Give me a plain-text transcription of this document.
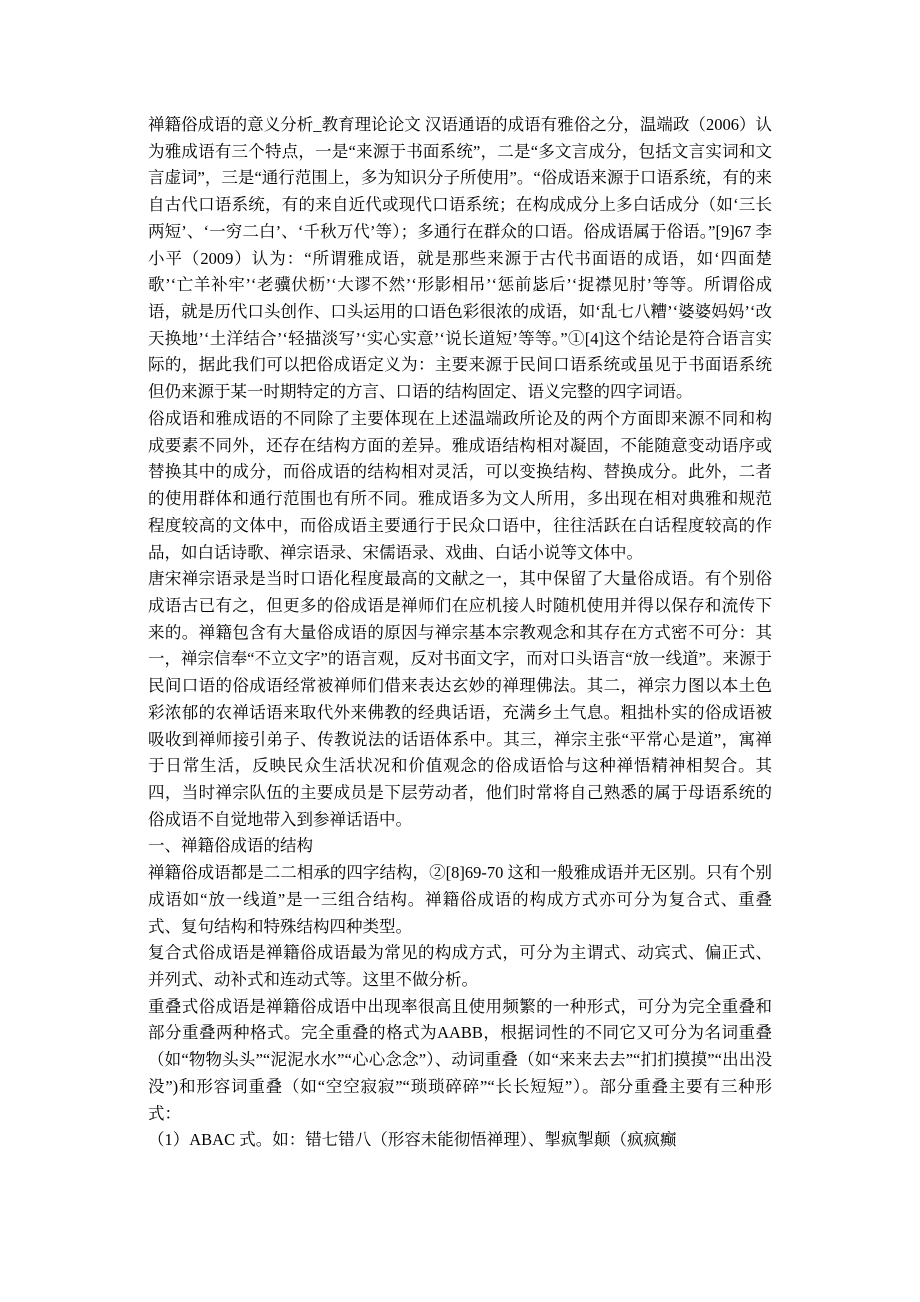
禅籍俗成语的意义分析_教育理论论文 汉语通语的成语有雅俗之分，温端政（2006）认为雅成语有三个特点，一是“来源于书面系统”，二是“多文言成分，包括文言实词和文言虚词”，三是“通行范围上，多为知识分子所使用”。“俗成语来源于口语系统，有的来自古代口语系统，有的来自近代或现代口语系统；在构成成分上多白话成分（如‘三长两短’、‘一穷二白’、‘千秋万代’等）；多通行在群众的口语。俗成语属于俗语。”[9]67 李小平（2009）认为：“所谓雅成语，就是那些来源于古代书面语的成语，如‘四面楚歌’‘亡羊补牢’‘老骥伏枥’‘大谬不然’‘形影相吊’‘惩前毖后’‘捉襟见肘’等等。所谓俗成语，就是历代口头创作、口头运用的口语色彩很浓的成语，如‘乱七八糟’‘婆婆妈妈’‘改天换地’‘土洋结合’‘轻描淡写’‘实心实意’‘说长道短’等等。”①[4]这个结论是符合语言实际的，据此我们可以把俗成语定义为：主要来源于民间口语系统或虽见于书面语系统但仍来源于某一时期特定的方言、口语的结构固定、语义完整的四字词语。

俗成语和雅成语的不同除了主要体现在上述温端政所论及的两个方面即来源不同和构成要素不同外，还存在结构方面的差异。雅成语结构相对凝固，不能随意变动语序或替换其中的成分，而俗成语的结构相对灵活，可以变换结构、替换成分。此外，二者的使用群体和通行范围也有所不同。雅成语多为文人所用，多出现在相对典雅和规范程度较高的文体中，而俗成语主要通行于民众口语中，往往活跃在白话程度较高的作品，如白话诗歌、禅宗语录、宋儒语录、戏曲、白话小说等文体中。

唐宋禅宗语录是当时口语化程度最高的文献之一，其中保留了大量俗成语。有个别俗成语古已有之，但更多的俗成语是禅师们在应机接人时随机使用并得以保存和流传下来的。禅籍包含有大量俗成语的原因与禅宗基本宗教观念和其存在方式密不可分：其一，禅宗信奉“不立文字”的语言观，反对书面文字，而对口头语言“放一线道”。来源于民间口语的俗成语经常被禅师们借来表达玄妙的禅理佛法。其二，禅宗力图以本土色彩浓郁的农禅话语来取代外来佛教的经典话语，充满乡土气息。粗拙朴实的俗成语被吸收到禅师接引弟子、传教说法的话语体系中。其三，禅宗主张“平常心是道”，寓禅于日常生活，反映民众生活状况和价值观念的俗成语恰与这种禅悟精神相契合。其四，当时禅宗队伍的主要成员是下层劳动者，他们时常将自己熟悉的属于母语系统的俗成语不自觉地带入到参禅话语中。

一、禅籍俗成语的结构

禅籍俗成语都是二二相承的四字结构，②[8]69-70 这和一般雅成语并无区别。只有个别成语如“放一线道”是一三组合结构。禅籍俗成语的构成方式亦可分为复合式、重叠式、复句结构和特殊结构四种类型。

复合式俗成语是禅籍俗成语最为常见的构成方式，可分为主谓式、动宾式、偏正式、并列式、动补式和连动式等。这里不做分析。

重叠式俗成语是禅籍俗成语中出现率很高且使用频繁的一种形式，可分为完全重叠和部分重叠两种格式。完全重叠的格式为AABB，根据词性的不同它又可分为名词重叠（如“物物头头”“泥泥水水”“心心念念”）、动词重叠（如“来来去去”“扪扪摸摸”“出出没没”)和形容词重叠（如“空空寂寂”“琐琐碎碎”“长长短短”）。部分重叠主要有三种形式：

（1）ABAC 式。如：错七错八（形容未能彻悟禅理）、掣疯掣颠（疯疯癫
